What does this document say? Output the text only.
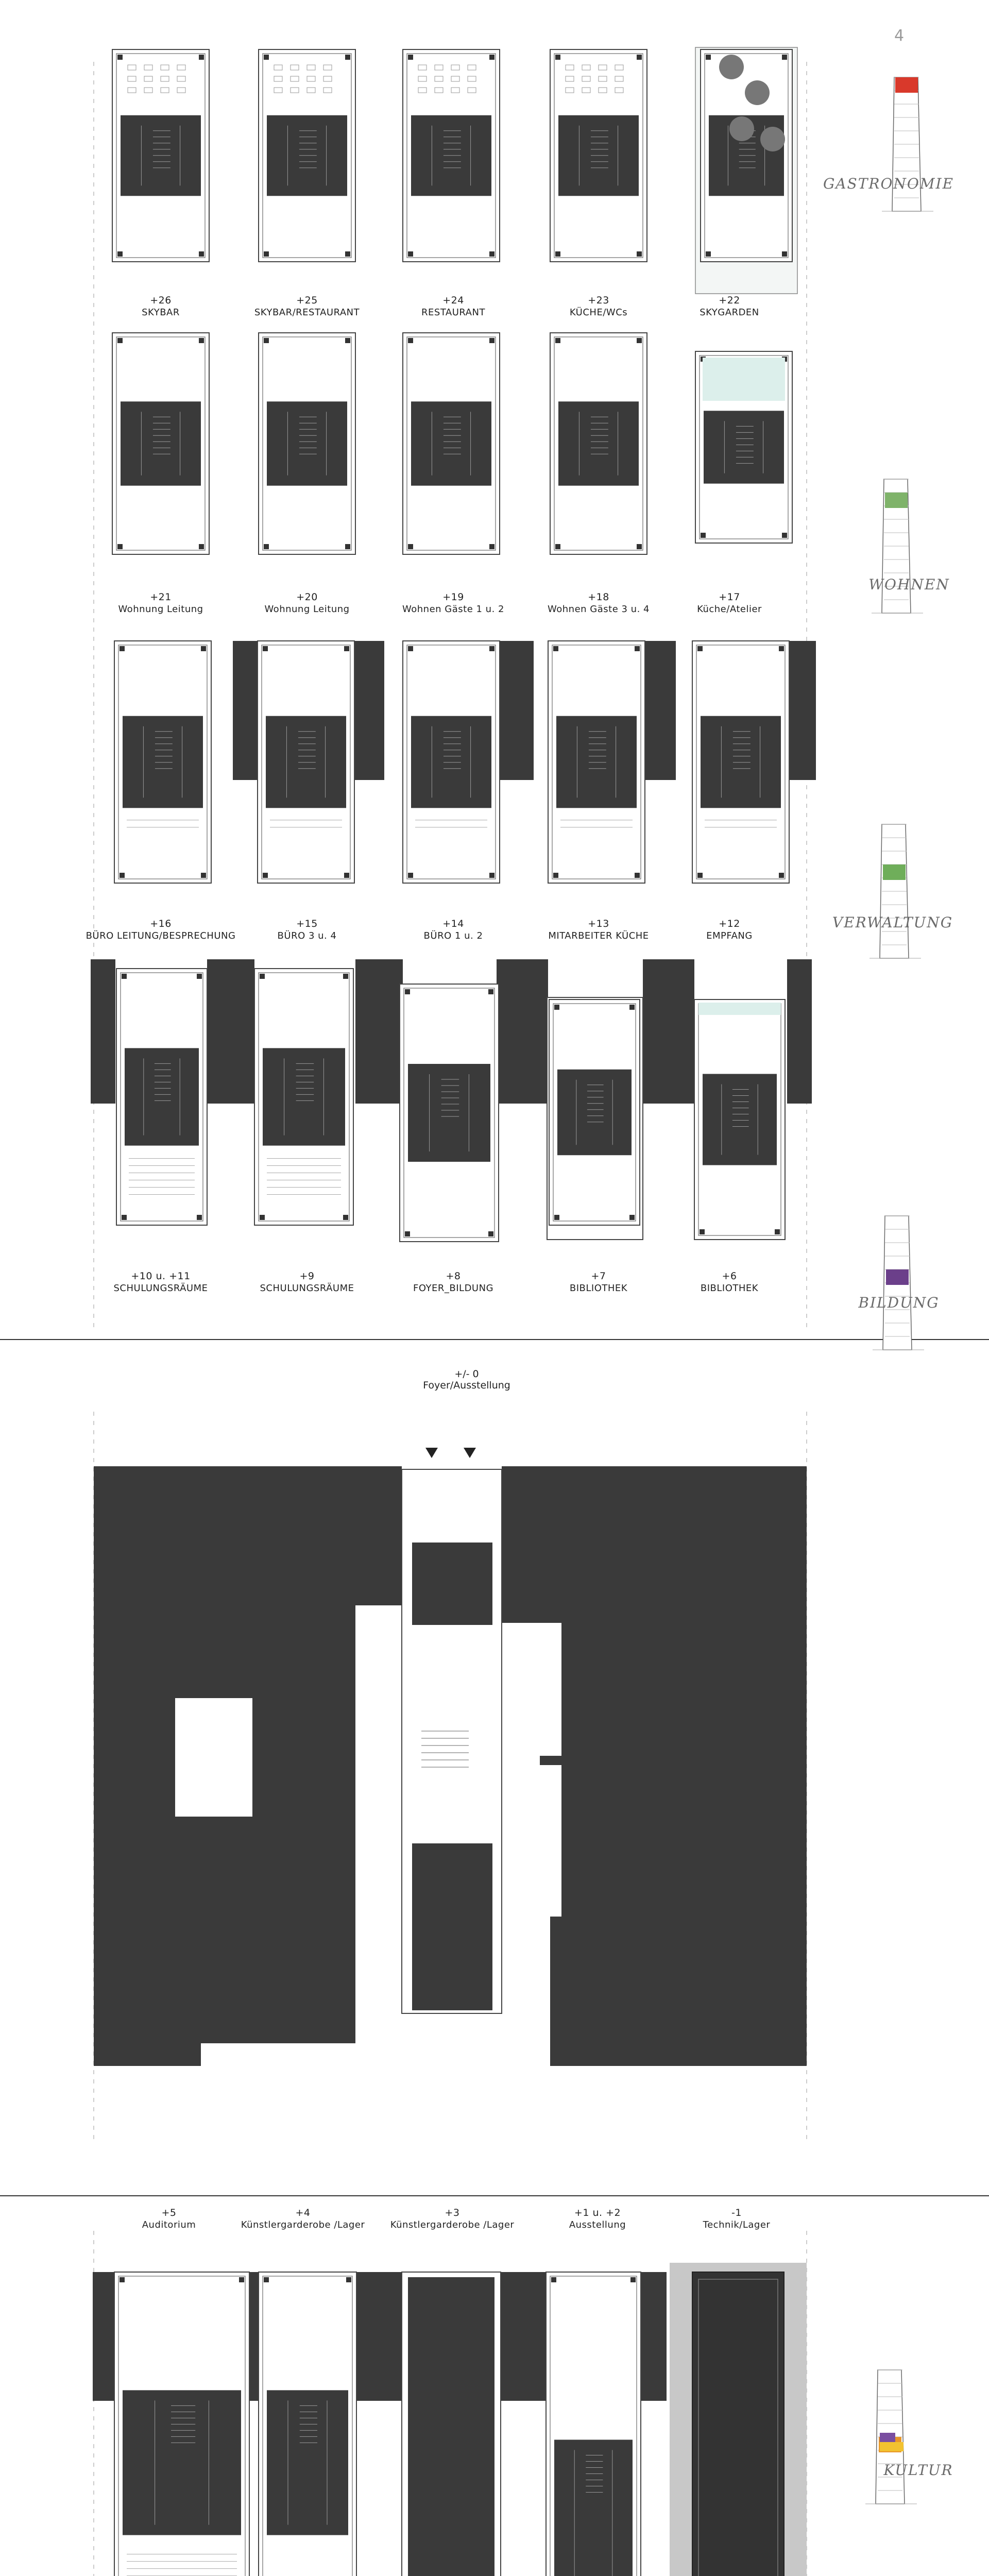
4
GASTRONOMIE
WOHNEN
VERWALTUNG
BILDUNG
KULTUR
+26
SKYBAR
+25
SKYBAR/RESTAURANT
+24
RESTAURANT
+23
KÜCHE/WCs
+22
SKYGARDEN
+21
Wohnung Leitung
+20
Wohnung Leitung
+19
Wohnen Gäste 1 u. 2
+18
Wohnen Gäste 3 u. 4
+17
Küche/Atelier
+16
BÜRO LEITUNG/BESPRECHUNG
+15
BÜRO 3 u. 4
+14
BÜRO 1 u. 2
+13
MITARBEITER KÜCHE
+12
EMPFANG
+10 u. +11
SCHULUNGSRÄUME
+9
SCHULUNGSRÄUME
+8
FOYER_BILDUNG
+7
BIBLIOTHEK
+6
BIBLIOTHEK
+/- 0
Foyer/Ausstellung
+5
Auditorium
+4
Künstlergarderobe /Lager
+3
Künstlergarderobe /Lager
+1 u. +2
Ausstellung
-1
Technik/Lager
